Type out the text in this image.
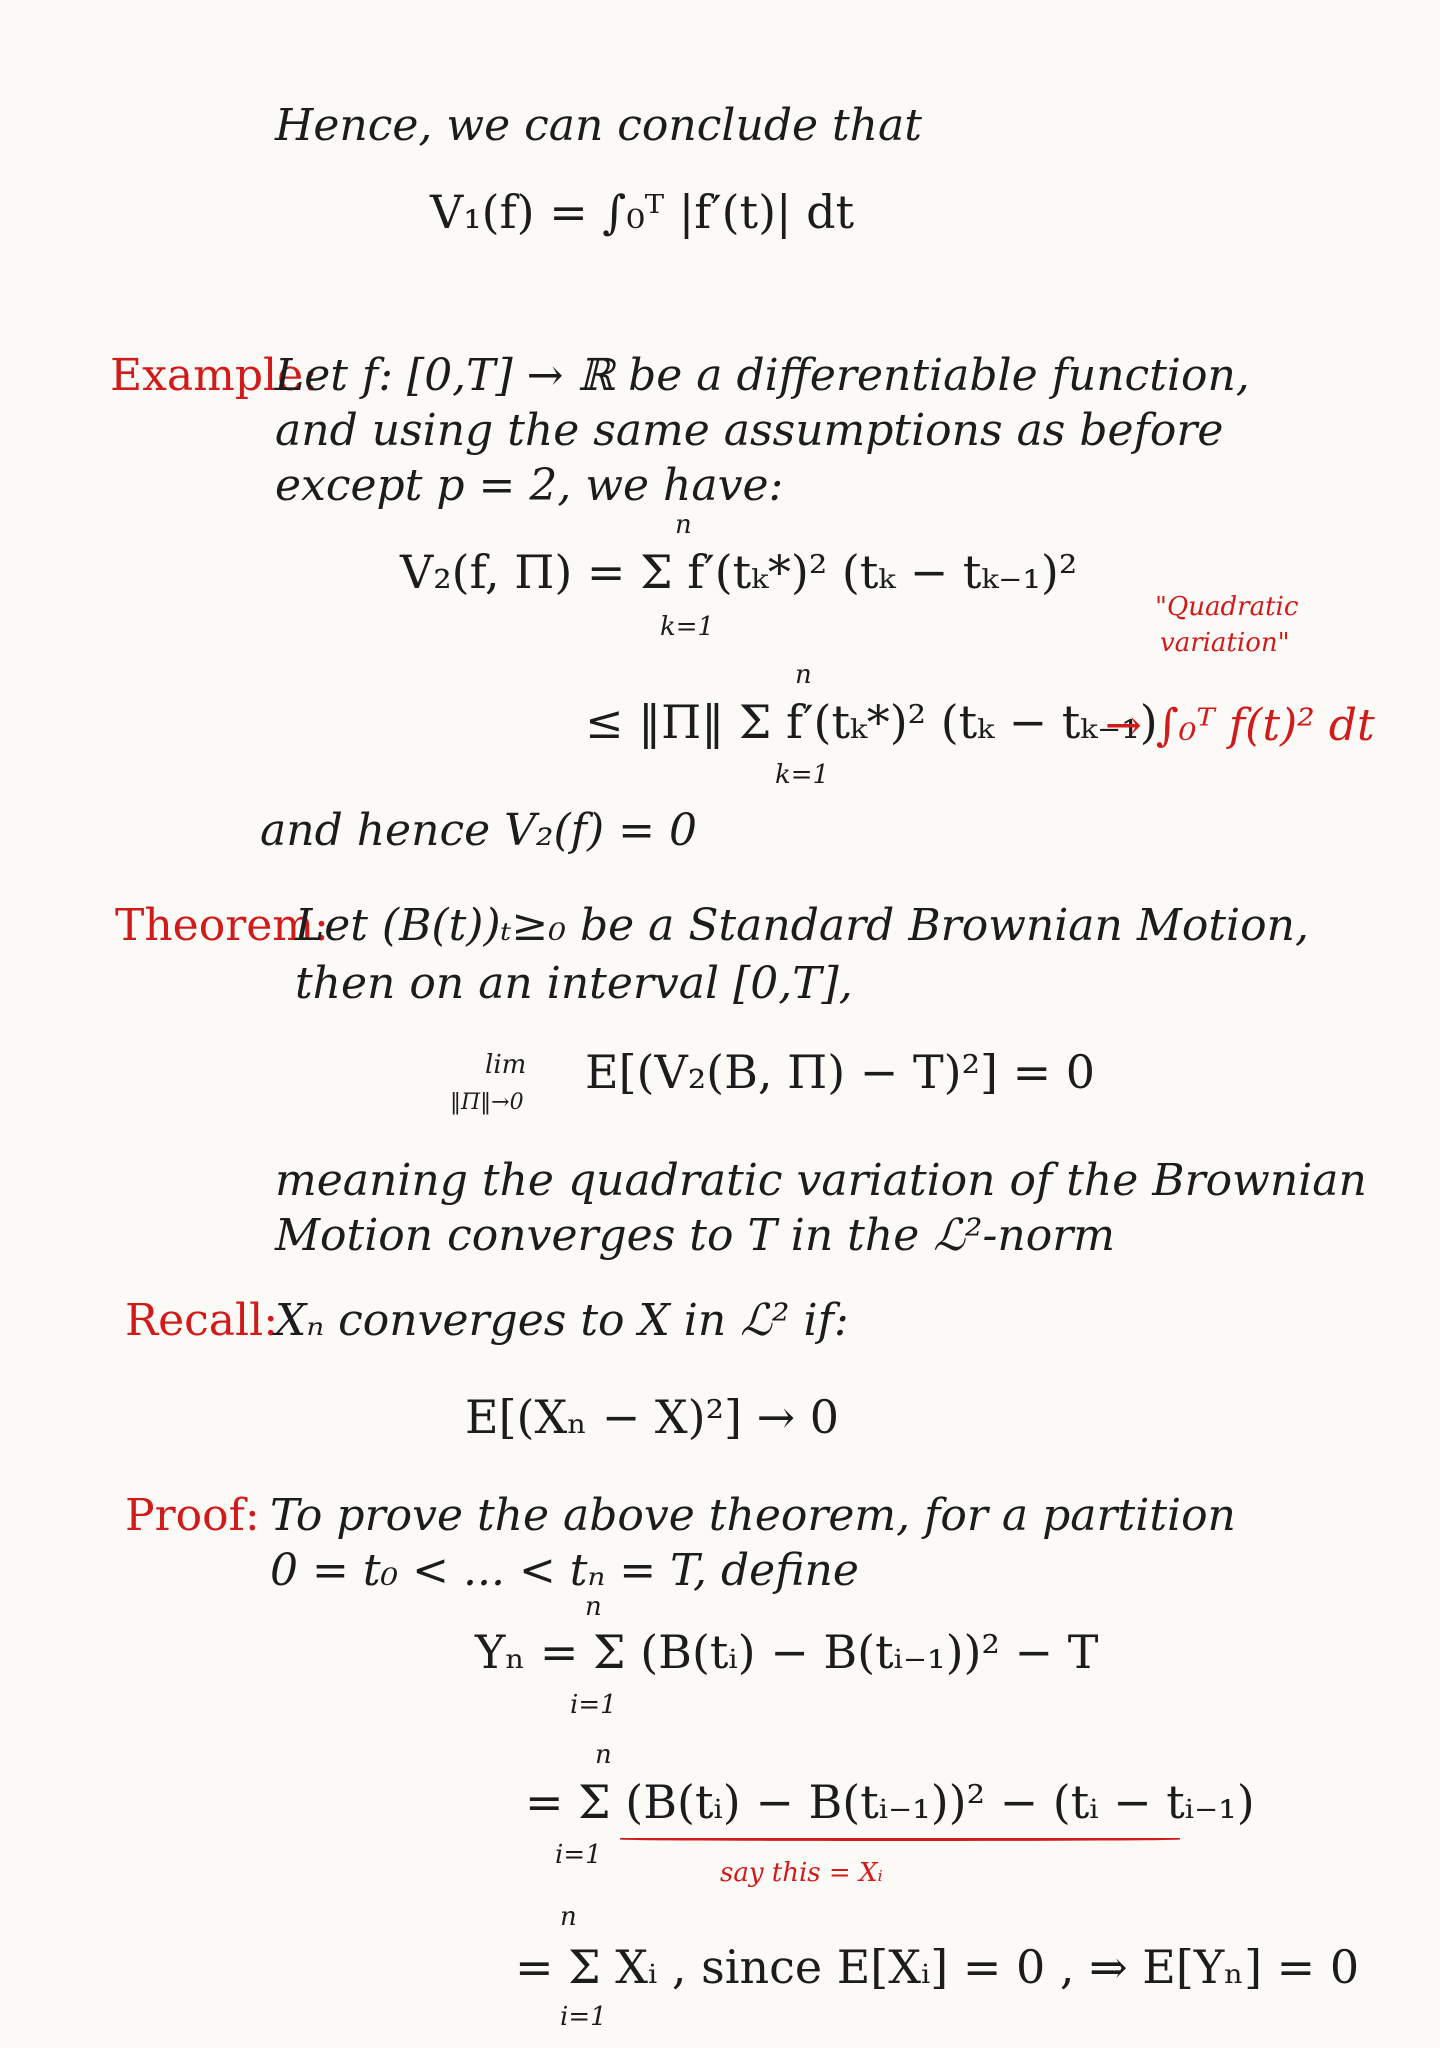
Hence, we can conclude that
V₁(f) = ∫₀ᵀ |f′(t)| dt
Example:
Let f: [0,T] → ℝ be a differentiable function,
and using the same assumptions as before
except p = 2, we have:
V₂(f, Π) = Σ f′(tₖ*)² (tₖ − tₖ₋₁)²
n
k=1
"Quadratic
variation"
≤ ‖Π‖ Σ f′(tₖ*)² (tₖ − tₖ₋₁)
n
k=1
→ ∫₀ᵀ f(t)² dt
and hence V₂(f) = 0
Theorem:
Let (B(t))ₜ≥₀ be a Standard Brownian Motion,
then on an interval [0,T],
lim
‖Π‖→0
E[(V₂(B, Π) − T)²] = 0
meaning the quadratic variation of the Brownian
Motion converges to T in the ℒ²-norm
Recall:
Xₙ converges to X in ℒ² if:
E[(Xₙ − X)²] → 0
Proof: To prove the above theorem, for a partition
0 = t₀ < ... < tₙ = T, define
Yₙ = Σ (B(tᵢ) − B(tᵢ₋₁))² − T
n
i=1
= Σ (B(tᵢ) − B(tᵢ₋₁))² − (tᵢ − tᵢ₋₁)
n
i=1
say this = Xᵢ
= Σ Xᵢ , since E[Xᵢ] = 0 , ⇒ E[Yₙ] = 0
n
i=1
